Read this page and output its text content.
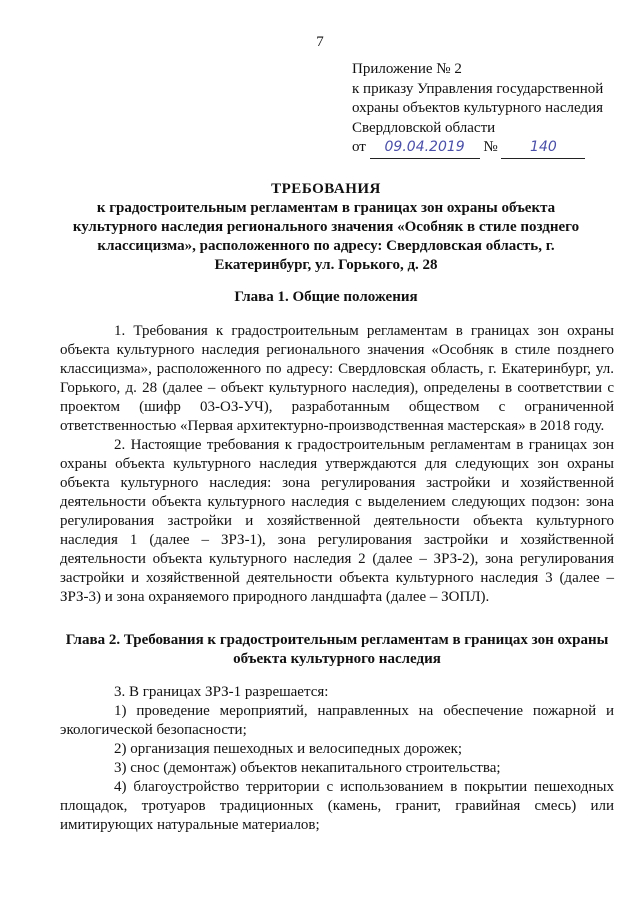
7
Приложение № 2
к приказу Управления государственной
охраны объектов культурного наследия
Свердловской области
от 09.04.2019 № 140
ТРЕБОВАНИЯ
к градостроительным регламентам в границах зон охраны объекта культурного наследия регионального значения «Особняк в стиле позднего классицизма», расположенного по адресу: Свердловская область, г. Екатеринбург, ул. Горького, д. 28
Глава 1. Общие положения

1. Требования к градостроительным регламентам в границах зон охраны объекта культурного наследия регионального значения «Особняк в стиле позднего классицизма», расположенного по адресу: Свердловская область, г. Екатеринбург, ул. Горького, д. 28 (далее – объект культурного наследия), определены в соответствии с проектом (шифр 03-ОЗ-УЧ), разработанным обществом с ограниченной ответственностью «Первая архитектурно-производственная мастерская» в 2018 году.

2. Настоящие требования к градостроительным регламентам в границах зон охраны объекта культурного наследия утверждаются для следующих зон охраны объекта культурного наследия: зона регулирования застройки и хозяйственной деятельности объекта культурного наследия с выделением следующих подзон: зона регулирования застройки и хозяйственной деятельности объекта культурного наследия 1 (далее – ЗРЗ-1), зона регулирования застройки и хозяйственной деятельности объекта культурного наследия 2 (далее – ЗРЗ-2), зона регулирования застройки и хозяйственной деятельности объекта культурного наследия 3 (далее – ЗРЗ-3) и зона охраняемого природного ландшафта (далее – ЗОПЛ).

Глава 2. Требования к градостроительным регламентам в границах зон охраны объекта культурного наследия

3. В границах ЗРЗ-1 разрешается:

1) проведение мероприятий, направленных на обеспечение пожарной и экологической безопасности;

2) организация пешеходных и велосипедных дорожек;

3) снос (демонтаж) объектов некапитального строительства;

4) благоустройство территории с использованием в покрытии пешеходных площадок, тротуаров традиционных (камень, гранит, гравийная смесь) или имитирующих натуральные материалов;
